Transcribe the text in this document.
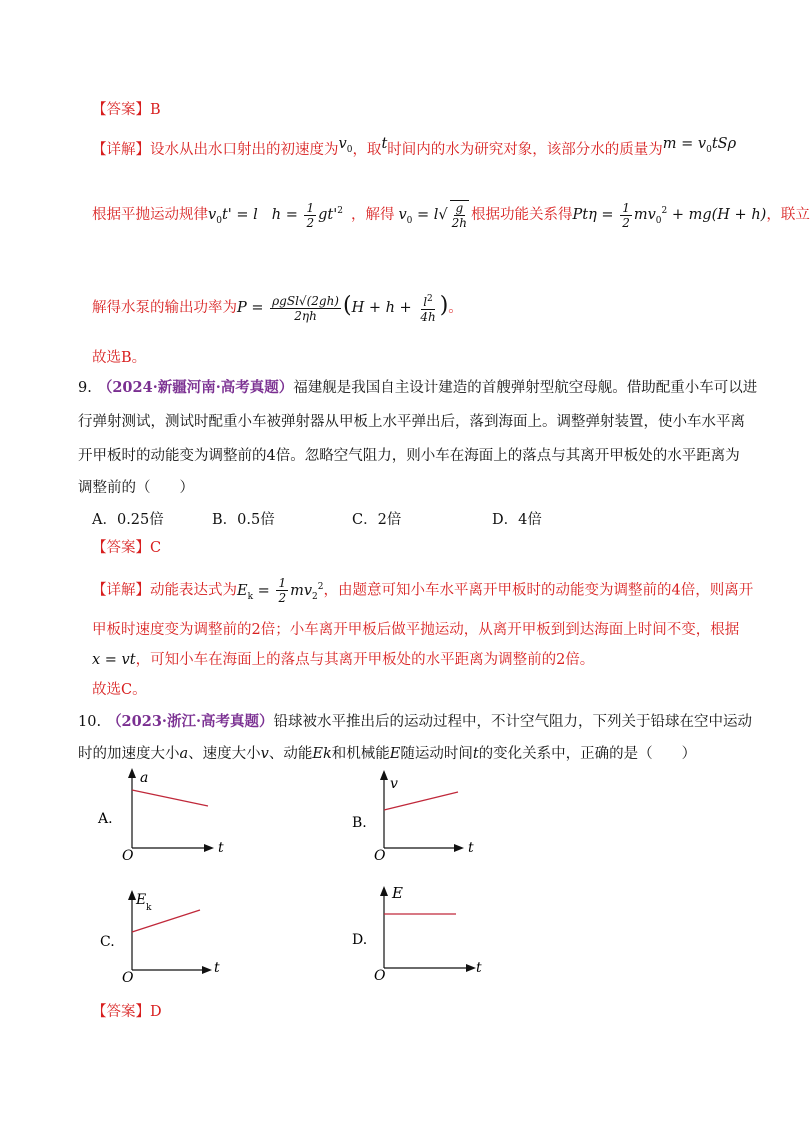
【答案】B
【详解】设水从出水口射出的初速度为$v_0$，取t时间内的水为研究对象，该部分水的质量为$m = v_0tS\rho$
根据平抛运动规律$v_0t' = l$ $h = \frac{1}{2} gt'^2$ ，解得 $v_0 = l√ \frac{g}{2h}$ 根据功能关系得$Pt\eta = \frac{1}{2} mv_0^2 + mg(H + h)$，联立
解得水泵的输出功率为$P = \frac{\text{ρgSl√(2gh)}}{2\eta h} (H + h + \frac{l^2}{4h}$ )。
故选B。
9. （2024·新疆河南·高考真题）福建舰是我国自主设计建造的首艘弹射型航空母舰。借助配重小车可以进
行弹射测试，测试时配重小车被弹射器从甲板上水平弹出后，落到海面上。调整弹射装置，使小车水平离
开甲板时的动能变为调整前的4倍。忽略空气阻力，则小车在海面上的落点与其离开甲板处的水平距离为
调整前的（　　）
A．0.25倍	B．0.5倍	C．2倍	D．4倍
【答案】C
【详解】动能表达式为$E_k = \frac{1}{2} mv_2^2$，由题意可知小车水平离开甲板时的动能变为调整前的4倍，则离开
甲板时速度变为调整前的2倍；小车离开甲板后做平抛运动，从离开甲板到到达海面上时间不变，根据
x = vt，可知小车在海面上的落点与其离开甲板处的水平距离为调整前的2倍。
故选C。
10. （2023·浙江·高考真题）铅球被水平推出后的运动过程中，不计空气阻力，下列关于铅球在空中运动
时的加速度大小a、速度大小v、动能Ek和机械能E随运动时间t的变化关系中，正确的是（　　）
A.
a
t
O
B.
v
t
O
C.
E k
t
O
D.
E
t
O
【答案】D
